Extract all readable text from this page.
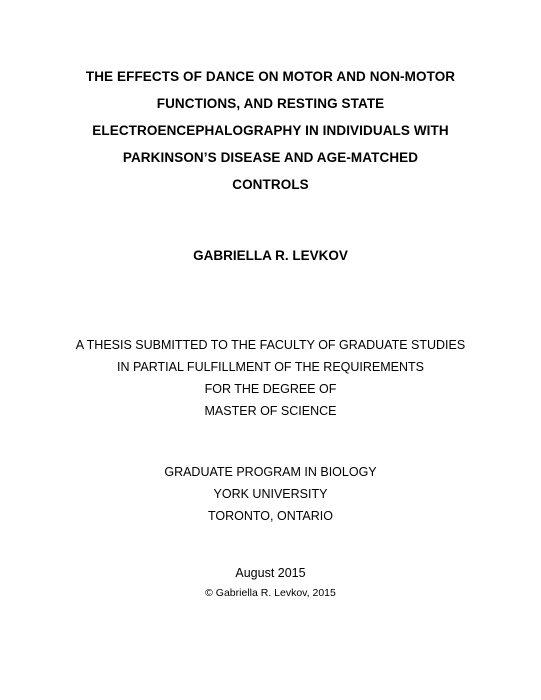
THE EFFECTS OF DANCE ON MOTOR AND NON-MOTOR
FUNCTIONS, AND RESTING STATE
ELECTROENCEPHALOGRAPHY IN INDIVIDUALS WITH
PARKINSON’S DISEASE AND AGE-MATCHED
CONTROLS
GABRIELLA R. LEVKOV
A THESIS SUBMITTED TO THE FACULTY OF GRADUATE STUDIES
IN PARTIAL FULFILLMENT OF THE REQUIREMENTS
FOR THE DEGREE OF
MASTER OF SCIENCE
GRADUATE PROGRAM IN BIOLOGY
YORK UNIVERSITY
TORONTO, ONTARIO
August 2015
© Gabriella R. Levkov, 2015
